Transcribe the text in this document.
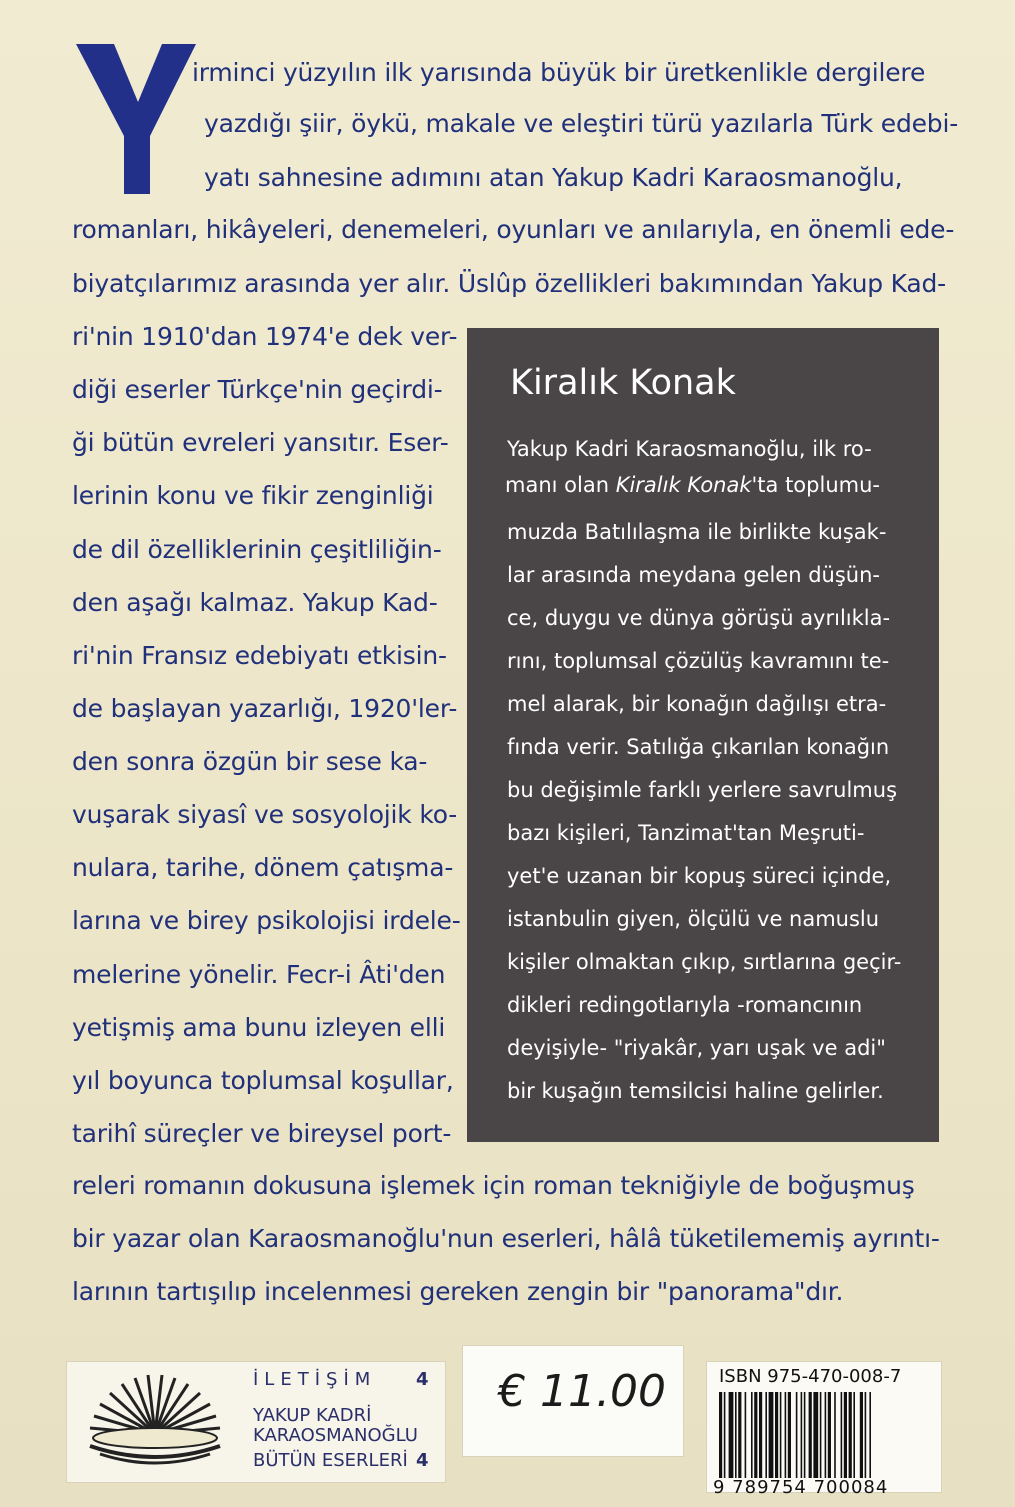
irminci yüzyılın ilk yarısında büyük bir üretkenlikle dergilere
yazdığı şiir, öykü, makale ve eleştiri türü yazılarla Türk edebi-
yatı sahnesine adımını atan Yakup Kadri Karaosmanoğlu,
romanları, hikâyeleri, denemeleri, oyunları ve anılarıyla, en önemli ede-
biyatçılarımız arasında yer alır. Üslûp özellikleri bakımından Yakup Kad-
ri'nin 1910'dan 1974'e dek ver-
diği eserler Türkçe'nin geçirdi-
ği bütün evreleri yansıtır. Eser-
lerinin konu ve fikir zenginliği
de dil özelliklerinin çeşitliliğin-
den aşağı kalmaz. Yakup Kad-
ri'nin Fransız edebiyatı etkisin-
de başlayan yazarlığı, 1920'ler-
den sonra özgün bir sese ka-
vuşarak siyasî ve sosyolojik ko-
nulara, tarihe, dönem çatışma-
larına ve birey psikolojisi irdele-
melerine yönelir. Fecr-i Âti'den
yetişmiş ama bunu izleyen elli
yıl boyunca toplumsal koşullar,
tarihî süreçler ve bireysel port-
Kiralık Konak
Yakup Kadri Karaosmanoğlu, ilk ro-
manı olan Kiralık Konak'ta toplumu-
muzda Batılılaşma ile birlikte kuşak-
lar arasında meydana gelen düşün-
ce, duygu ve dünya görüşü ayrılıkla-
rını, toplumsal çözülüş kavramını te-
mel alarak, bir konağın dağılışı etra-
fında verir. Satılığa çıkarılan konağın
bu değişimle farklı yerlere savrulmuş
bazı kişileri, Tanzimat'tan Meşruti-
yet'e uzanan bir kopuş süreci içinde,
istanbulin giyen, ölçülü ve namuslu
kişiler olmaktan çıkıp, sırtlarına geçir-
dikleri redingotlarıyla -romancının
deyişiyle- "riyakâr, yarı uşak ve adi"
bir kuşağın temsilcisi haline gelirler.
releri romanın dokusuna işlemek için roman tekniğiyle de boğuşmuş
bir yazar olan Karaosmanoğlu'nun eserleri, hâlâ tüketilememiş ayrıntı-
larının tartışılıp incelenmesi gereken zengin bir "panorama"dır.
İLETİŞİM 4
YAKUP KADRİ
KARAOSMANOĞLU
BÜTÜN ESERLERİ 4
€ 11.00	ISBN 975-470-008-7
9 789754 700084
